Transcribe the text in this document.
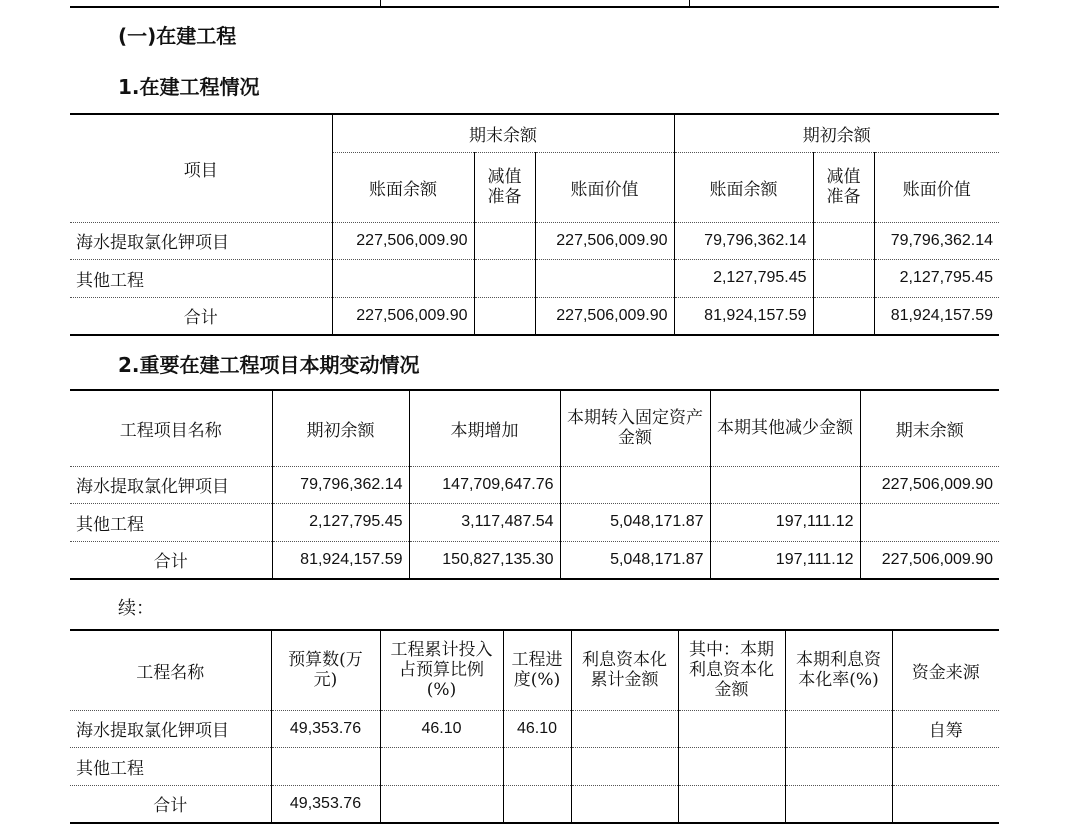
(一)在建工程
1.在建工程情况
项目	期末余额			期初余额		
	账面余额	减值准备	账面价值	账面余额	减值准备	账面价值
海水提取氯化钾项目	227,506,009.90		227,506,009.90	79,796,362.14		79,796,362.14
其他工程				2,127,795.45		2,127,795.45
合计	227,506,009.90		227,506,009.90	81,924,157.59		81,924,157.59
2.重要在建工程项目本期变动情况
工程项目名称	期初余额	本期增加	本期转入固定资产金额	本期其他减少金额	期末余额
海水提取氯化钾项目	79,796,362.14	147,709,647.76			227,506,009.90
其他工程	2,127,795.45	3,117,487.54	5,048,171.87	197,111.12	
合计	81,924,157.59	150,827,135.30	5,048,171.87	197,111.12	227,506,009.90

续：

工程名称	预算数(万元)	工程累计投入占预算比例(%)	工程进度(%)	利息资本化累计金额	其中：本期利息资本化金额	本期利息资本化率(%)	资金来源
海水提取氯化钾项目	49,353.76	46.10	46.10				自筹
其他工程							
合计	49,353.76						
